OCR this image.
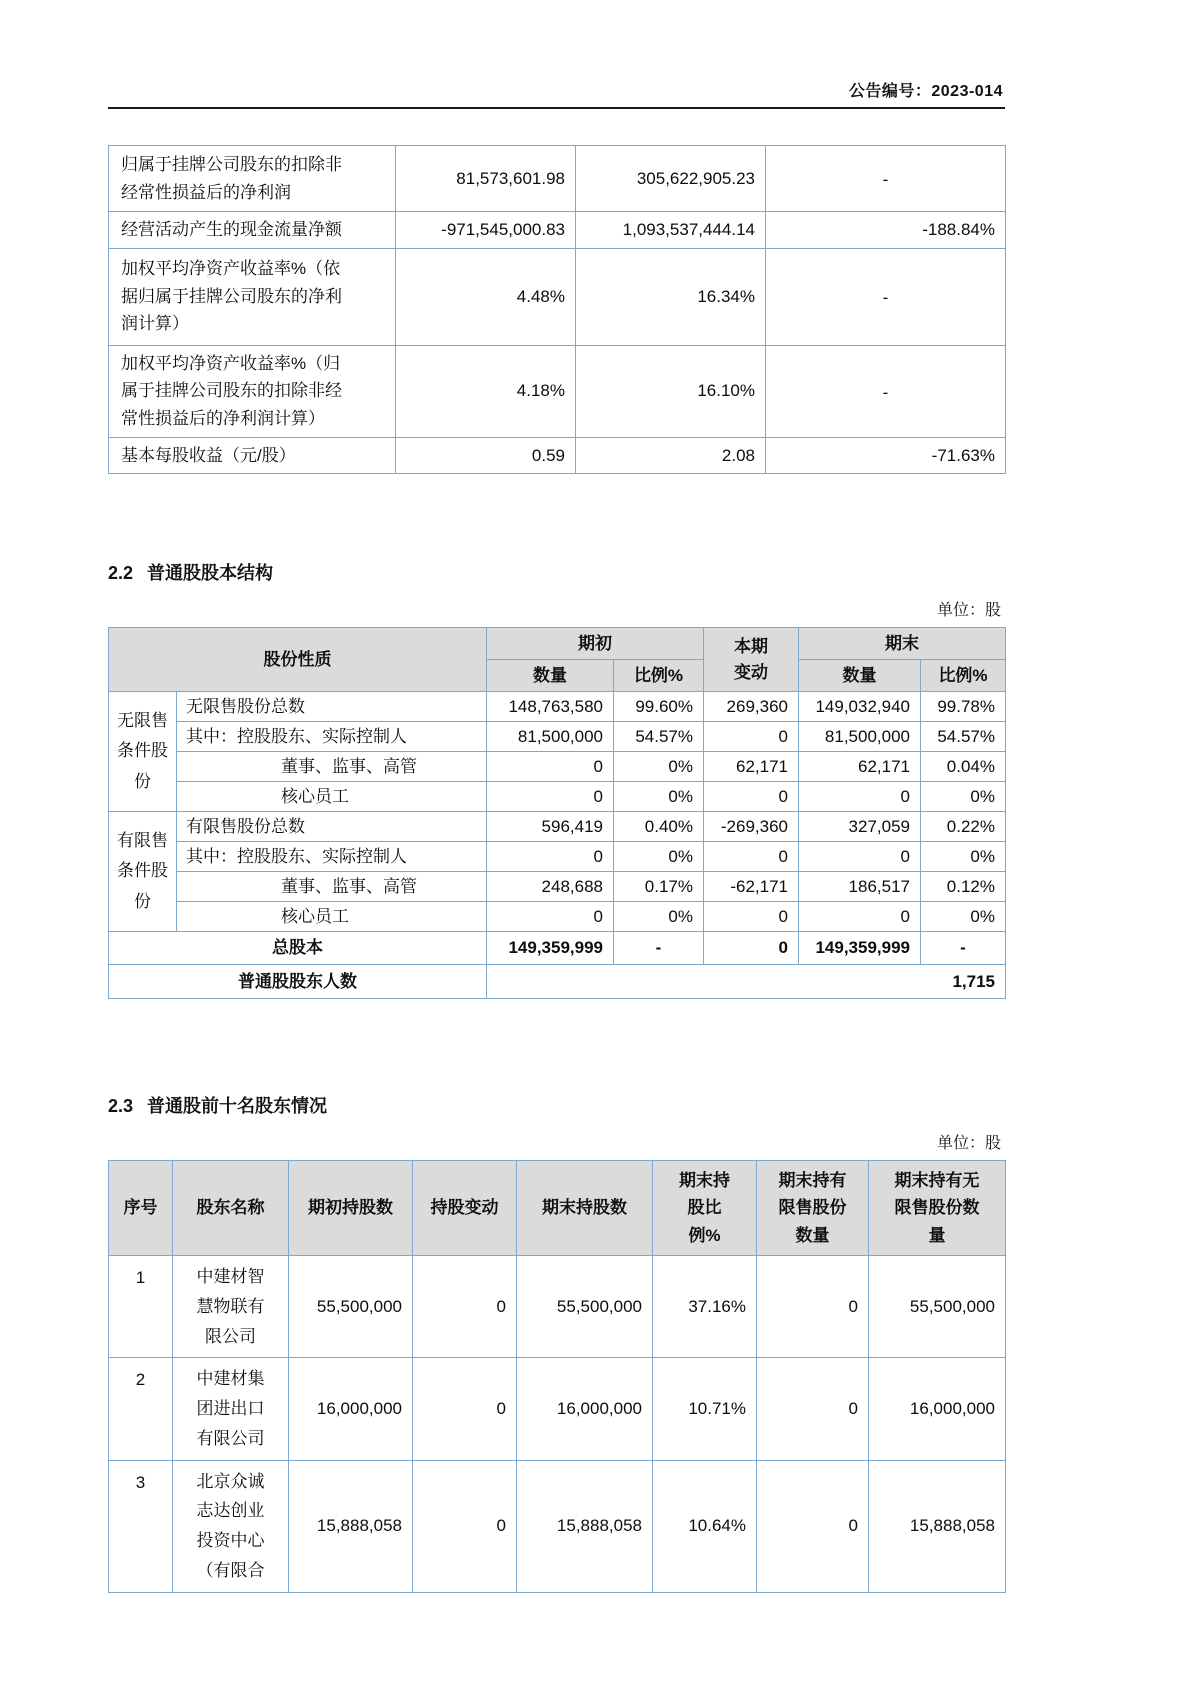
公告编号：2023-014
归属于挂牌公司股东的扣除非经常性损益后的净利润	81,573,601.98	305,622,905.23	-
经营活动产生的现金流量净额	-971,545,000.83	1,093,537,444.14	-188.84%
加权平均净资产收益率%（依据归属于挂牌公司股东的净利润计算）	4.48%	16.34%	-
加权平均净资产收益率%（归属于挂牌公司股东的扣除非经常性损益后的净利润计算）	4.18%	16.10%	-
基本每股收益（元/股）	0.59	2.08	-71.63%
2.2 普通股股本结构
单位：股
股份性质		期初		本期变动	期末	
		数量	比例%		数量	比例%
无限售条件股份	无限售股份总数	148,763,580	99.60%	269,360	149,032,940	99.78%
	其中：控股股东、实际控制人	81,500,000	54.57%	0	81,500,000	54.57%
	董事、监事、高管	0	0%	62,171	62,171	0.04%
	核心员工	0	0%	0	0	0%
有限售条件股份	有限售股份总数	596,419	0.40%	-269,360	327,059	0.22%
	其中：控股股东、实际控制人	0	0%	0	0	0%
	董事、监事、高管	248,688	0.17%	-62,171	186,517	0.12%
	核心员工	0	0%	0	0	0%
总股本		149,359,999	-	0	149,359,999	-
普通股股东人数		1,715				
2.3 普通股前十名股东情况
单位：股
序号	股东名称	期初持股数	持股变动	期末持股数	期末持股比例%	期末持有限售股份数量	期末持有无限售股份数量
1	中建材智慧物联有限公司	55,500,000	0	55,500,000	37.16%	0	55,500,000
2	中建材集团进出口有限公司	16,000,000	0	16,000,000	10.71%	0	16,000,000
3	北京众诚志达创业投资中心（有限合	15,888,058	0	15,888,058	10.64%	0	15,888,058
